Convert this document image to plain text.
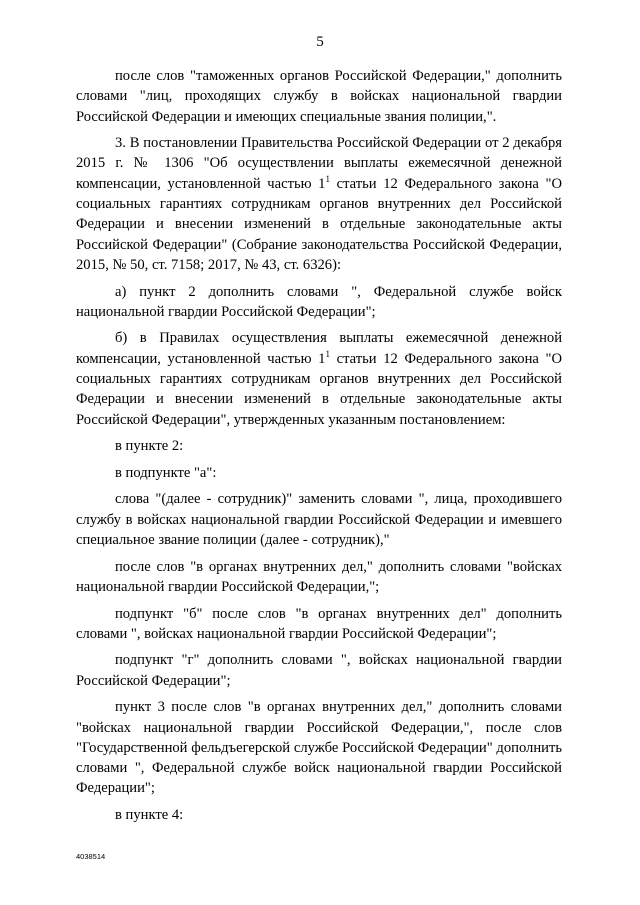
5

после слов "таможенных органов Российской Федерации," дополнить словами "лиц, проходящих службу в войсках национальной гвардии Российской Федерации и имеющих специальные звания полиции,".

3. В постановлении Правительства Российской Федерации от 2 декабря 2015 г. № 1306 "Об осуществлении выплаты ежемесячной денежной компенсации, установленной частью $1^1$ статьи 12 Федерального закона "О социальных гарантиях сотрудникам органов внутренних дел Российской Федерации и внесении изменений в отдельные законодательные акты Российской Федерации" (Собрание законодательства Российской Федерации, 2015, № 50, ст. 7158; 2017, № 43, ст. 6326):

а) пункт 2 дополнить словами ", Федеральной службе войск национальной гвардии Российской Федерации";

б) в Правилах осуществления выплаты ежемесячной денежной компенсации, установленной частью $1^1$ статьи 12 Федерального закона "О социальных гарантиях сотрудникам органов внутренних дел Российской Федерации и внесении изменений в отдельные законодательные акты Российской Федерации", утвержденных указанным постановлением:

в пункте 2:

в подпункте "а":

слова "(далее - сотрудник)" заменить словами ", лица, проходившего службу в войсках национальной гвардии Российской Федерации и имевшего специальное звание полиции (далее - сотрудник),"

после слов "в органах внутренних дел," дополнить словами "войсках национальной гвардии Российской Федерации,";

подпункт "б" после слов "в органах внутренних дел" дополнить словами ", войсках национальной гвардии Российской Федерации";

подпункт "г" дополнить словами ", войсках национальной гвардии Российской Федерации";

пункт 3 после слов "в органах внутренних дел," дополнить словами "войсках национальной гвардии Российской Федерации,", после слов "Государственной фельдъегерской службе Российской Федерации" дополнить словами ", Федеральной службе войск национальной гвардии Российской Федерации";

в пункте 4:

4038514
